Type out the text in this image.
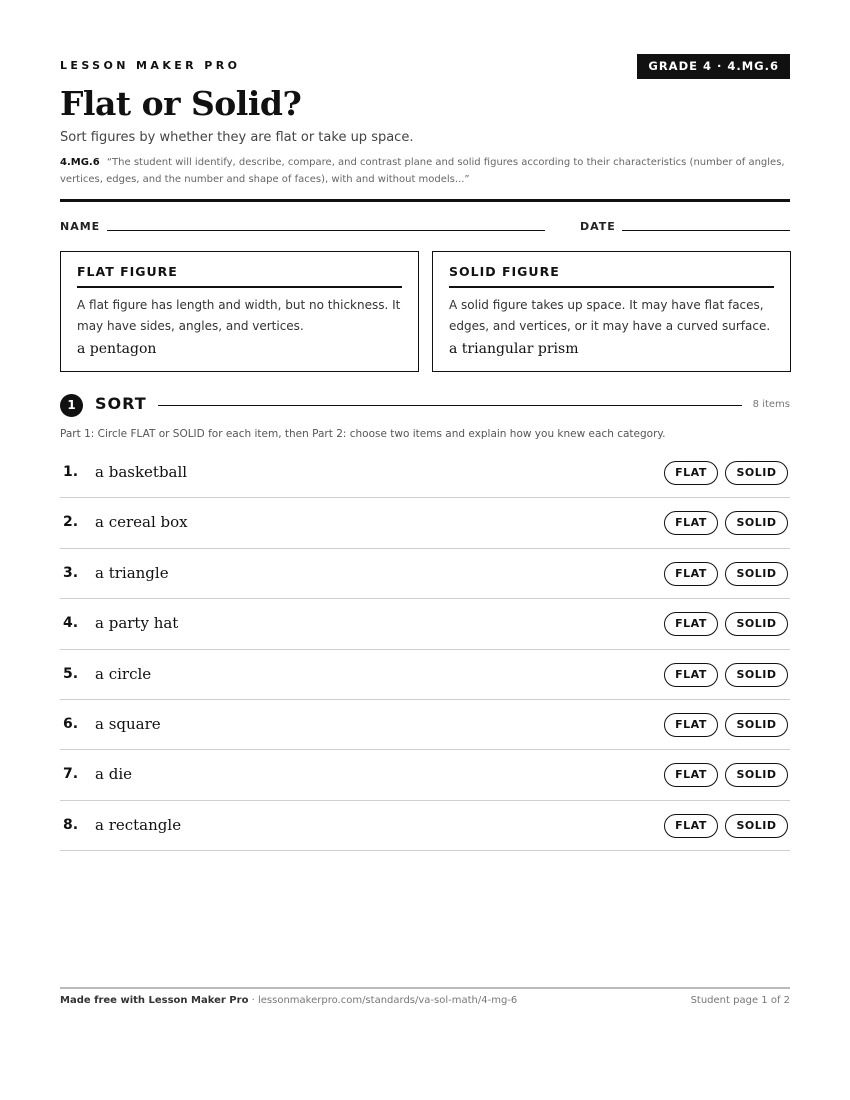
LESSON MAKER PRO	GRADE 4 · 4.MG.6
Flat or Solid?
Sort figures by whether they are flat or take up space.
4.MG.6 “The student will identify, describe, compare, and contrast plane and solid figures according to their characteristics (number of angles, vertices, edges, and the number and shape of faces), with and without models...”
NAME	DATE
FLAT FIGURE
A flat figure has length and width, but no thickness. It may have sides, angles, and vertices.
a pentagon
SOLID FIGURE
A solid figure takes up space. It may have flat faces, edges, and vertices, or it may have a curved surface.
a triangular prism
1	SORT	8 items
Part 1: Circle FLAT or SOLID for each item, then Part 2: choose two items and explain how you knew each category.
1. a basketball	FLAT	SOLID
2. a cereal box	FLAT	SOLID
3. a triangle	FLAT	SOLID
4. a party hat	FLAT	SOLID
5. a circle	FLAT	SOLID
6. a square	FLAT	SOLID
7. a die	FLAT	SOLID
8. a rectangle	FLAT	SOLID
Made free with Lesson Maker Pro · lessonmakerpro.com/standards/va-sol-math/4-mg-6	Student page 1 of 2
